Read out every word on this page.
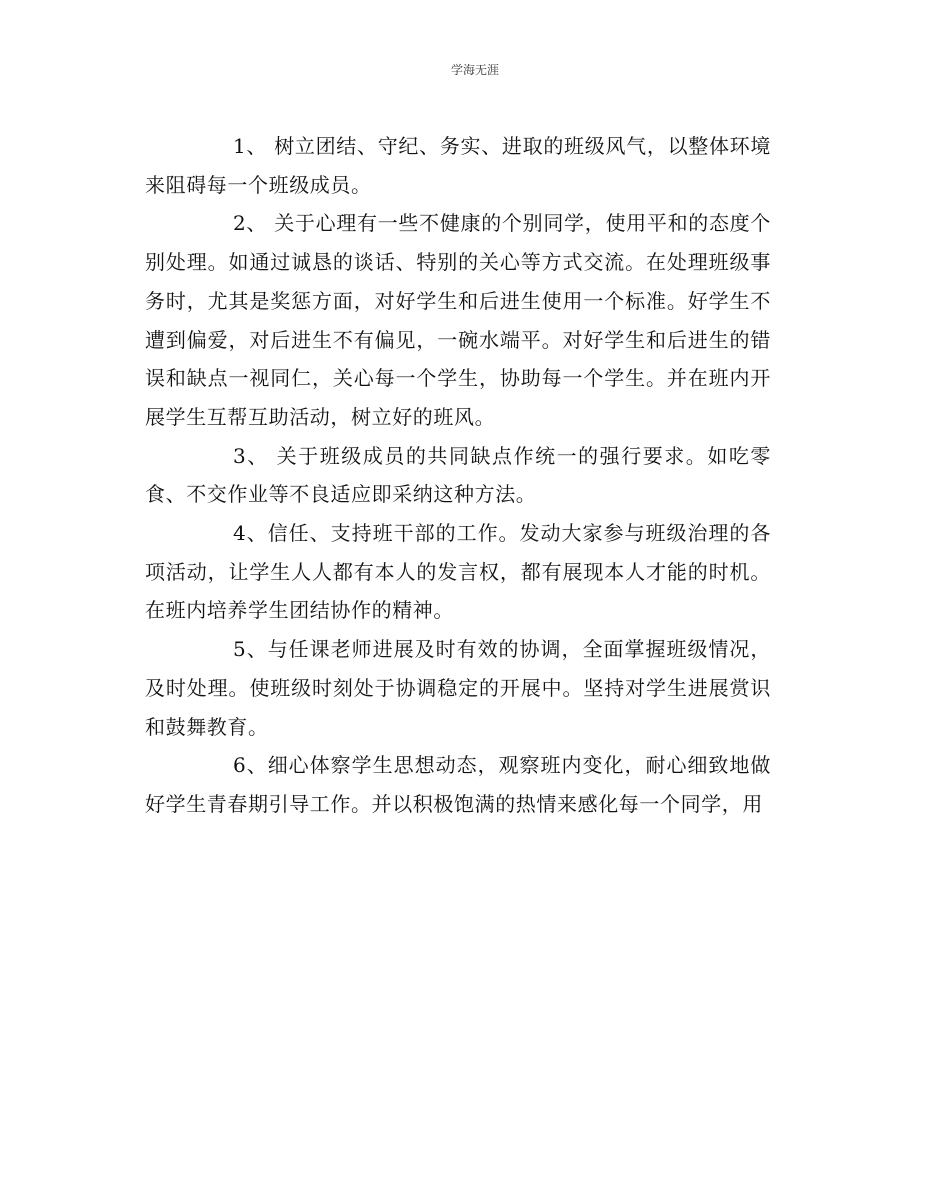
学海无涯

1、 树立团结、守纪、务实、进取的班级风气，以整体环境来阻碍每一个班级成员。

2、 关于心理有一些不健康的个别同学，使用平和的态度个别处理。如通过诚恳的谈话、特别的关心等方式交流。在处理班级事务时，尤其是奖惩方面，对好学生和后进生使用一个标准。好学生不遭到偏爱，对后进生不有偏见，一碗水端平。对好学生和后进生的错误和缺点一视同仁，关心每一个学生，协助每一个学生。并在班内开展学生互帮互助活动，树立好的班风。

3、 关于班级成员的共同缺点作统一的强行要求。如吃零食、不交作业等不良适应即采纳这种方法。

4、信任、支持班干部的工作。发动大家参与班级治理的各项活动，让学生人人都有本人的发言权，都有展现本人才能的时机。在班内培养学生团结协作的精神。

5、与任课老师进展及时有效的协调，全面掌握班级情况，及时处理。使班级时刻处于协调稳定的开展中。坚持对学生进展赏识和鼓舞教育。

6、细心体察学生思想动态，观察班内变化，耐心细致地做好学生青春期引导工作。并以积极饱满的热情来感化每一个同学，用
